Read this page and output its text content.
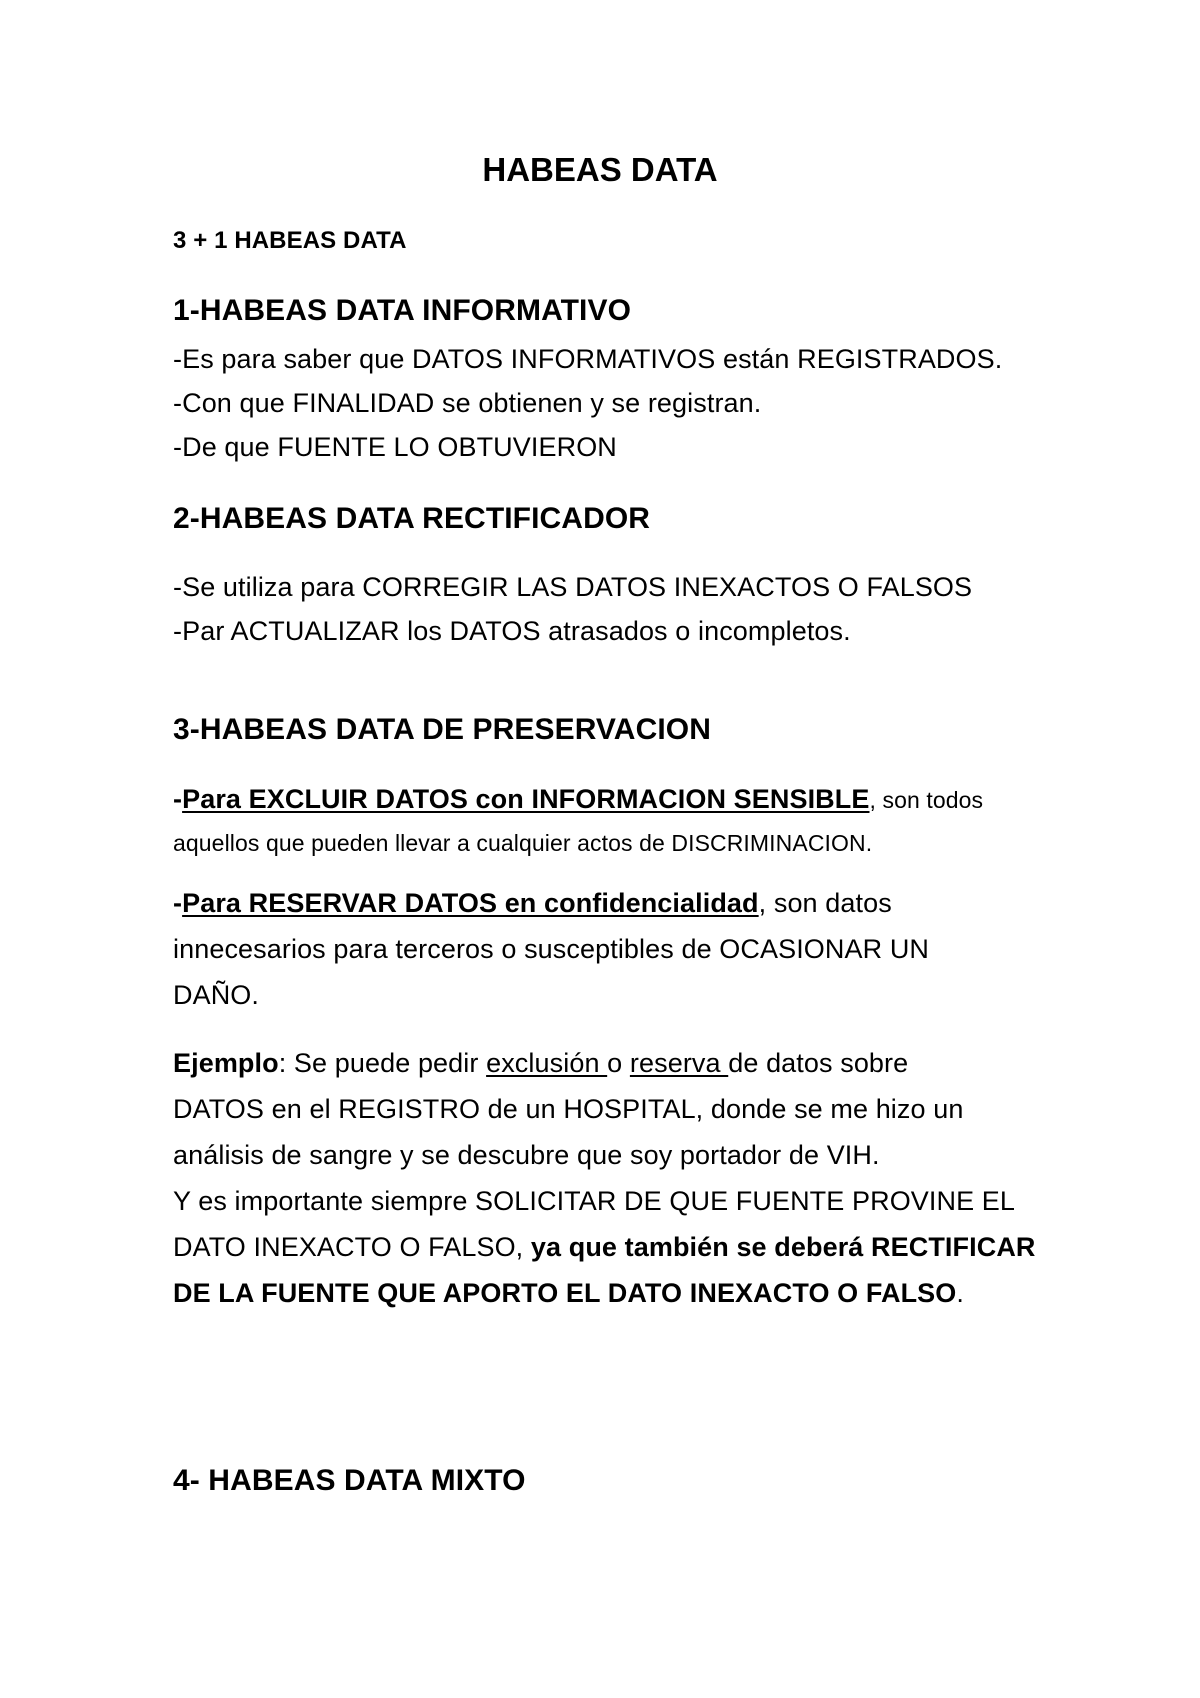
HABEAS DATA
3 + 1 HABEAS DATA
1-HABEAS DATA INFORMATIVO
-Es para saber que DATOS INFORMATIVOS están REGISTRADOS.
-Con que FINALIDAD se obtienen y se registran.
-De que FUENTE LO OBTUVIERON
2-HABEAS DATA RECTIFICADOR
-Se utiliza para CORREGIR LAS DATOS INEXACTOS O FALSOS
-Par ACTUALIZAR los DATOS atrasados o incompletos.
3-HABEAS DATA DE PRESERVACION
-Para EXCLUIR DATOS con INFORMACION SENSIBLE, son todos
aquellos que pueden llevar a cualquier actos de DISCRIMINACION.
-Para RESERVAR DATOS en confidencialidad, son datos
innecesarios para terceros o susceptibles de OCASIONAR UN
DAÑO.
Ejemplo: Se puede pedir exclusión o reserva de datos sobre
DATOS en el REGISTRO de un HOSPITAL, donde se me hizo un
análisis de sangre y se descubre que soy portador de VIH.
Y es importante siempre SOLICITAR DE QUE FUENTE PROVINE EL
DATO INEXACTO O FALSO, ya que también se deberá RECTIFICAR
DE LA FUENTE QUE APORTO EL DATO INEXACTO O FALSO.
4- HABEAS DATA MIXTO
